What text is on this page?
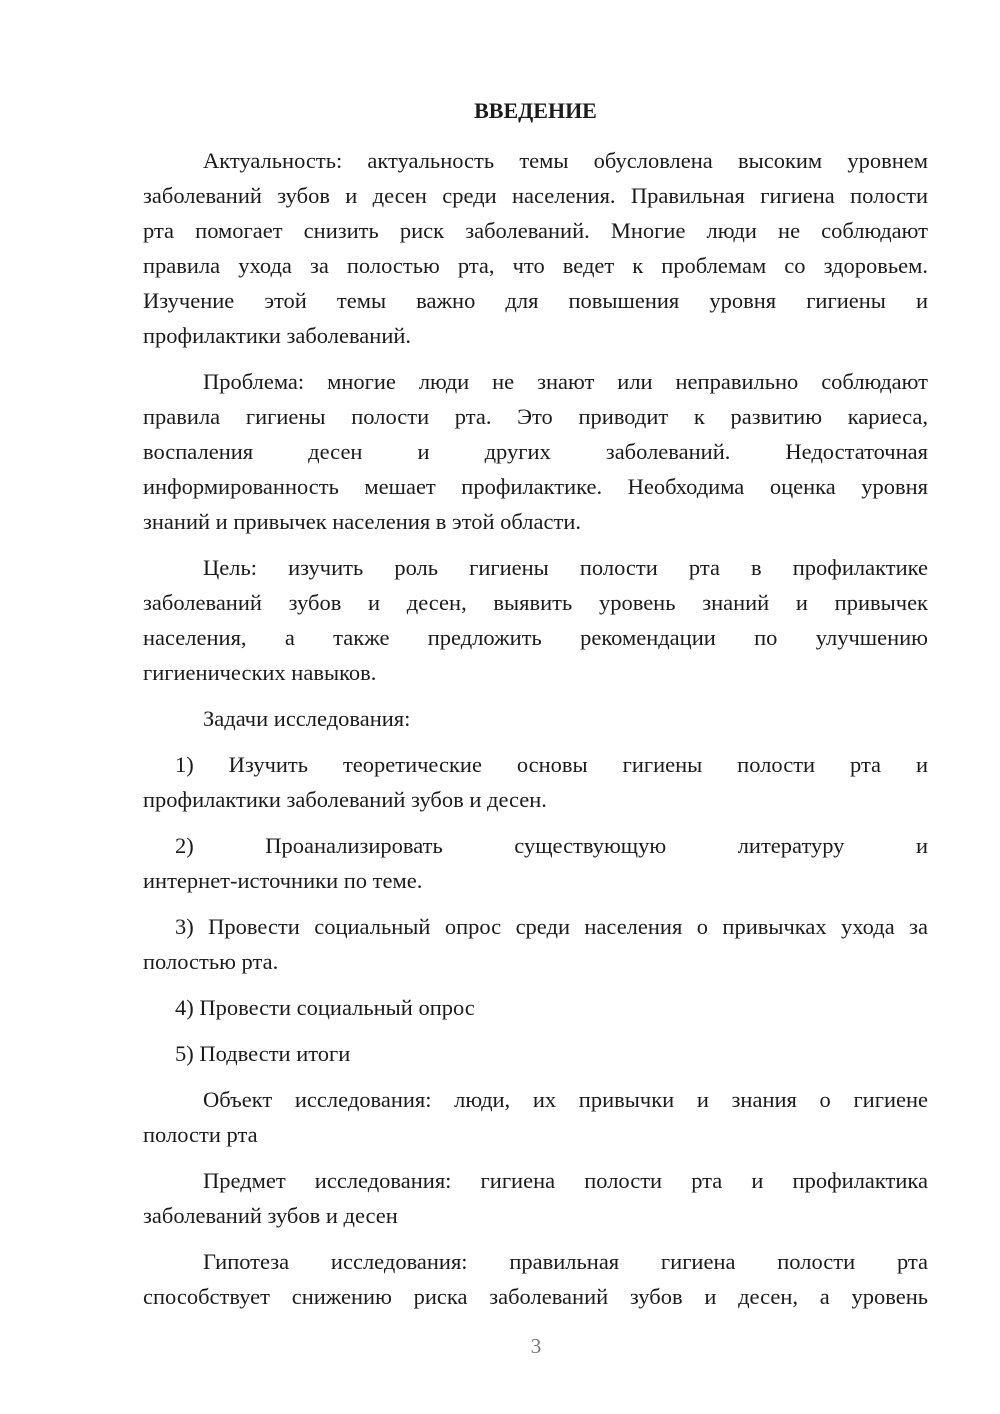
ВВЕДЕНИЕ
Актуальность: актуальность темы обусловлена высоким уровнем
заболеваний зубов и десен среди населения. Правильная гигиена полости
рта помогает снизить риск заболеваний. Многие люди не соблюдают
правила ухода за полостью рта, что ведет к проблемам со здоровьем.
Изучение этой темы важно для повышения уровня гигиены и
профилактики заболеваний.
Проблема: многие люди не знают или неправильно соблюдают
правила гигиены полости рта. Это приводит к развитию кариеса,
воспаления десен и других заболеваний. Недостаточная
информированность мешает профилактике. Необходима оценка уровня
знаний и привычек населения в этой области.
Цель: изучить роль гигиены полости рта в профилактике
заболеваний зубов и десен, выявить уровень знаний и привычек
населения, а также предложить рекомендации по улучшению
гигиенических навыков.
Задачи исследования:
1) Изучить теоретические основы гигиены полости рта и
профилактики заболеваний зубов и десен.
2) Проанализировать существующую литературу и
интернет-источники по теме.
3) Провести социальный опрос среди населения о привычках ухода за
полостью рта.
4) Провести социальный опрос
5) Подвести итоги
Объект исследования: люди, их привычки и знания о гигиене
полости рта
Предмет исследования: гигиена полости рта и профилактика
заболеваний зубов и десен
Гипотеза исследования: правильная гигиена полости рта
способствует снижению риска заболеваний зубов и десен, а уровень
3
